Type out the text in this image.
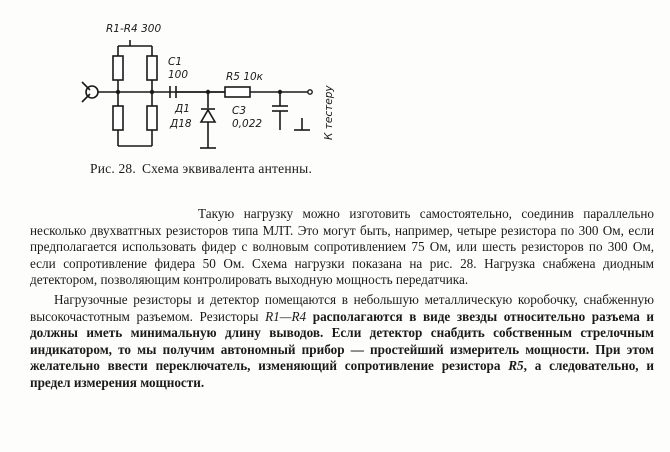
R1-R4 300
C1
100	R5 10к
Д1
Д18
C3
0,022	К тестеру
Рис. 28. Схема эквивалента антенны.

Такую нагрузку можно изготовить самостоятельно, соединив параллельно несколько двухватгных резисторов типа МЛТ. Это могут быть, например, четыре резистора по 300 Ом, если предполагается использовать фидер с волновым сопротивлением 75 Ом, или шесть резисторов по 300 Ом, если сопротивление фидера 50 Ом. Схема нагрузки показана на рис. 28. Нагрузка снабжена диодным детектором, позволяющим контролировать выходную мощность передатчика.

Нагрузочные резисторы и детектор помещаются в небольшую металлическую коробочку, снабженную высокочастотным разъемом. Резисторы R1—R4 располагаются в виде звезды относительно разъема и должны иметь минимальную длину выводов. Если детектор снабдить собственным стрелочным индикатором, то мы получим автономный прибор — простейший измеритель мощности. При этом желательно ввести переключатель, изменяющий сопротивление резистора R5, а следовательно, и предел измерения мощности.
